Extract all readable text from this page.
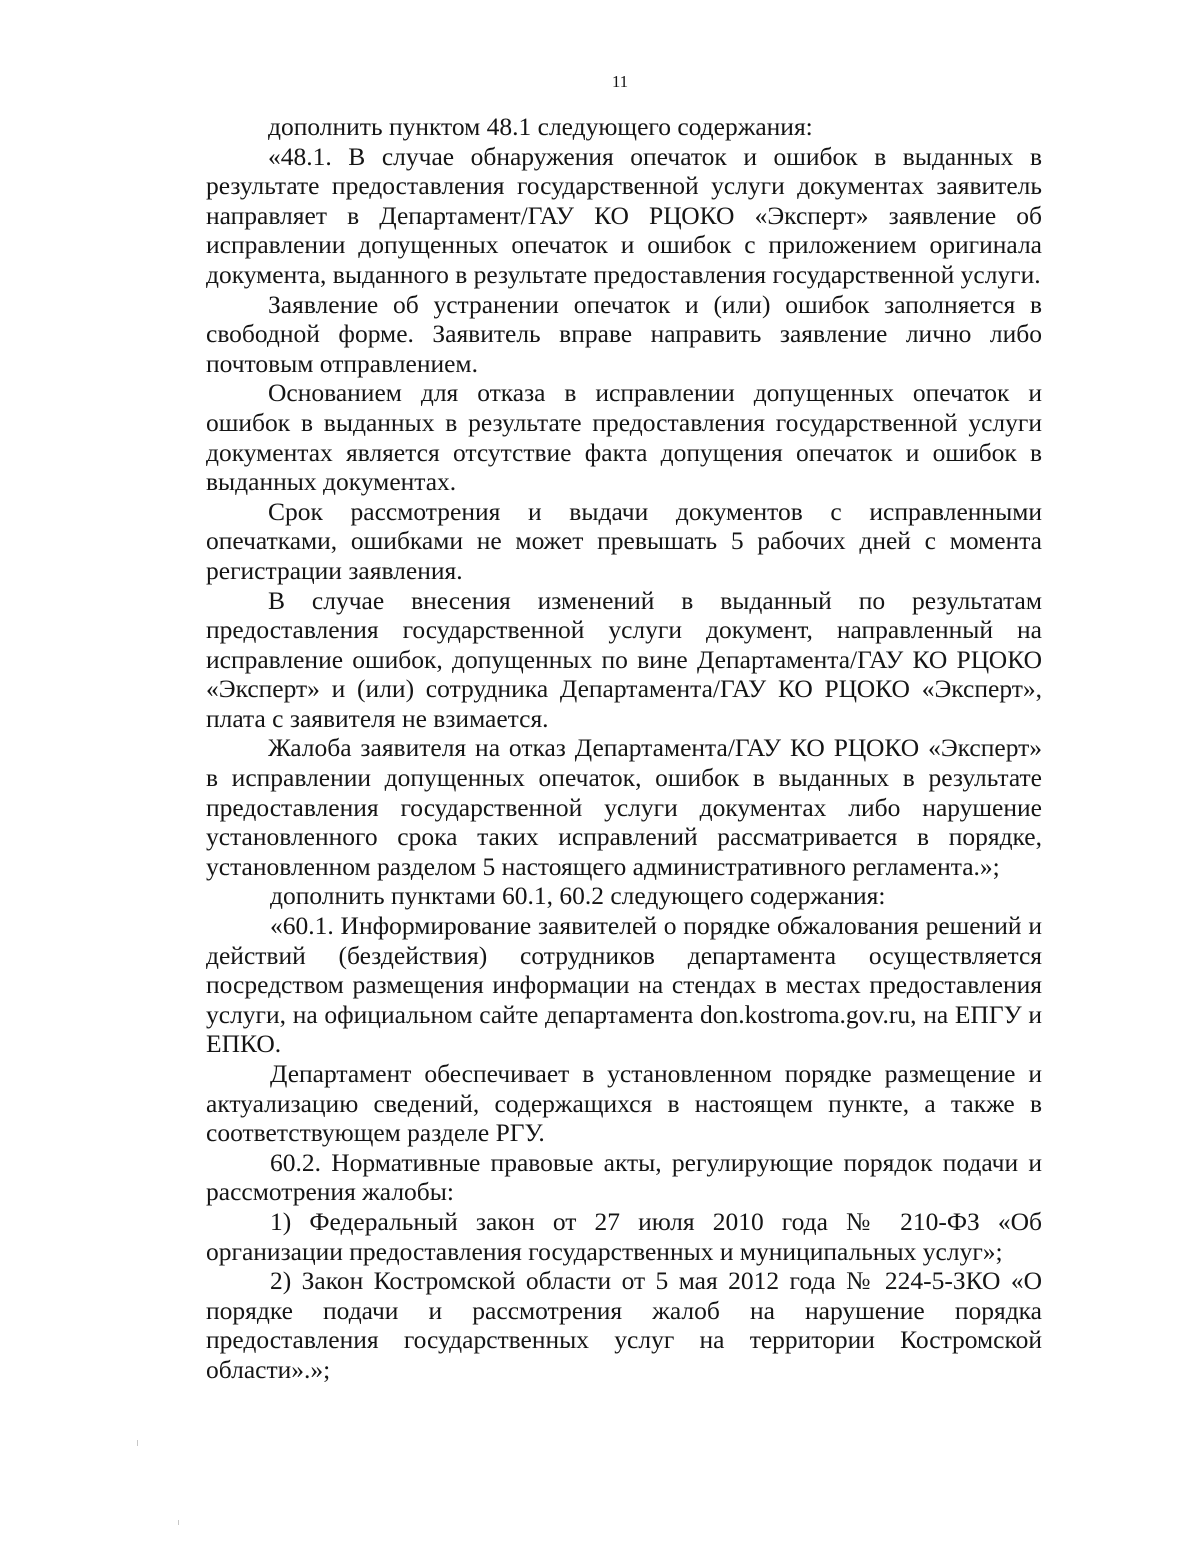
11

дополнить пунктом 48.1 следующего содержания:

«48.1. В случае обнаружения опечаток и ошибок в выданных в результате предоставления государственной услуги документах заявитель направляет в Департамент/ГАУ КО РЦОКО «Эксперт» заявление об исправлении допущенных опечаток и ошибок с приложением оригинала документа, выданного в результате предоставления государственной услуги.

Заявление об устранении опечаток и (или) ошибок заполняется в свободной форме. Заявитель вправе направить заявление лично либо почтовым отправлением.

Основанием для отказа в исправлении допущенных опечаток и ошибок в выданных в результате предоставления государственной услуги документах является отсутствие факта допущения опечаток и ошибок в выданных документах.

Срок рассмотрения и выдачи документов с исправленными опечатками, ошибками не может превышать 5 рабочих дней с момента регистрации заявления.

В случае внесения изменений в выданный по результатам предоставления государственной услуги документ, направленный на исправление ошибок, допущенных по вине Департамента/ГАУ КО РЦОКО «Эксперт» и (или) сотрудника Департамента/ГАУ КО РЦОКО «Эксперт», плата с заявителя не взимается.

Жалоба заявителя на отказ Департамента/ГАУ КО РЦОКО «Эксперт» в исправлении допущенных опечаток, ошибок в выданных в результате предоставления государственной услуги документах либо нарушение установленного срока таких исправлений рассматривается в порядке, установленном разделом 5 настоящего административного регламента.»;

дополнить пунктами 60.1, 60.2 следующего содержания:

«60.1. Информирование заявителей о порядке обжалования решений и действий (бездействия) сотрудников департамента осуществляется посредством размещения информации на стендах в местах предоставления услуги, на официальном сайте департамента don.kostroma.gov.ru, на ЕПГУ и ЕПКО.

Департамент обеспечивает в установленном порядке размещение и актуализацию сведений, содержащихся в настоящем пункте, а также в соответствующем разделе РГУ.

60.2. Нормативные правовые акты, регулирующие порядок подачи и рассмотрения жалобы:

1) Федеральный закон от 27 июля 2010 года № 210-ФЗ «Об организации предоставления государственных и муниципальных услуг»;

2) Закон Костромской области от 5 мая 2012 года № 224-5-ЗКО «О порядке подачи и рассмотрения жалоб на нарушение порядка предоставления государственных услуг на территории Костромской области».»;
